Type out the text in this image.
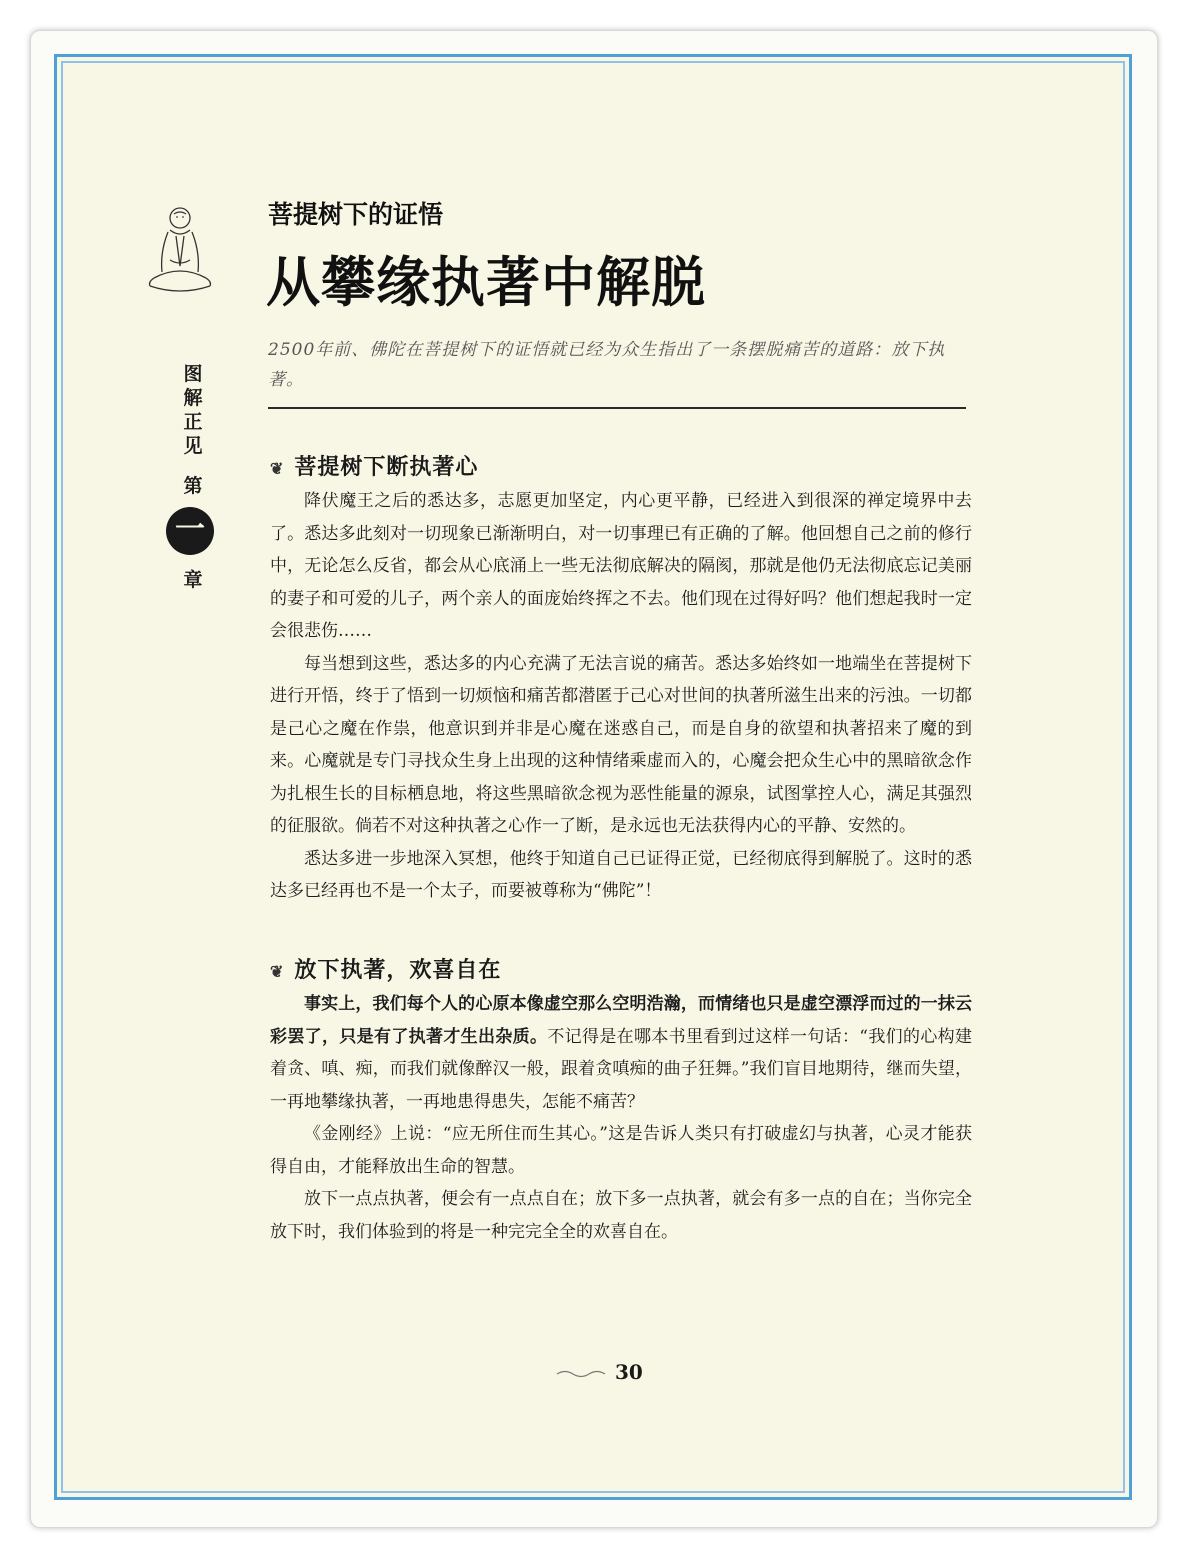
菩提树下的证悟
从攀缘执著中解脱
图
解
正
见
第
章
一
2500年前、佛陀在菩提树下的证悟就已经为众生指出了一条摆脱痛苦的道路：放下执著。
❦ 菩提树下断执著心

降伏魔王之后的悉达多，志愿更加坚定，内心更平静，已经进入到很深的禅定境界中去了。悉达多此刻对一切现象已渐渐明白，对一切事理已有正确的了解。他回想自己之前的修行中，无论怎么反省，都会从心底涌上一些无法彻底解决的隔阂，那就是他仍无法彻底忘记美丽的妻子和可爱的儿子，两个亲人的面庞始终挥之不去。他们现在过得好吗？他们想起我时一定会很悲伤……

每当想到这些，悉达多的内心充满了无法言说的痛苦。悉达多始终如一地端坐在菩提树下进行开悟，终于了悟到一切烦恼和痛苦都潜匿于己心对世间的执著所滋生出来的污浊。一切都是己心之魔在作祟，他意识到并非是心魔在迷惑自己，而是自身的欲望和执著招来了魔的到来。心魔就是专门寻找众生身上出现的这种情绪乘虚而入的，心魔会把众生心中的黑暗欲念作为扎根生长的目标栖息地，将这些黑暗欲念视为恶性能量的源泉，试图掌控人心，满足其强烈的征服欲。倘若不对这种执著之心作一了断，是永远也无法获得内心的平静、安然的。

悉达多进一步地深入冥想，他终于知道自己已证得正觉，已经彻底得到解脱了。这时的悉达多已经再也不是一个太子，而要被尊称为“佛陀”！

❦ 放下执著，欢喜自在

事实上，我们每个人的心原本像虚空那么空明浩瀚，而情绪也只是虚空漂浮而过的一抹云彩罢了，只是有了执著才生出杂质。不记得是在哪本书里看到过这样一句话：“我们的心构建着贪、嗔、痴，而我们就像醉汉一般，跟着贪嗔痴的曲子狂舞。”我们盲目地期待，继而失望，一再地攀缘执著，一再地患得患失，怎能不痛苦？

《金刚经》上说：“应无所住而生其心。”这是告诉人类只有打破虚幻与执著，心灵才能获得自由，才能释放出生命的智慧。

放下一点点执著，便会有一点点自在；放下多一点执著，就会有多一点的自在；当你完全放下时，我们体验到的将是一种完完全全的欢喜自在。

30
